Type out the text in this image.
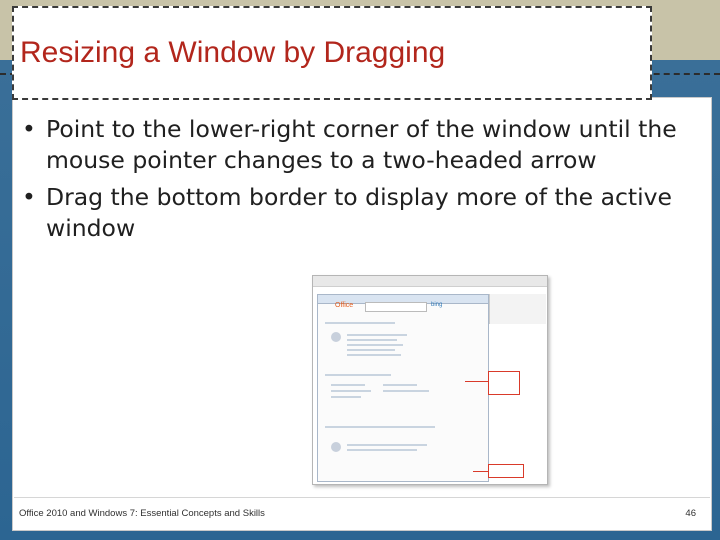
Resizing a Window by Dragging
• Point to the lower-right corner of the window until the mouse pointer changes to a two-headed arrow
• Drag the bottom border to display more of the active window
Office	bing
Office 2010 and Windows 7: Essential Concepts and Skills	46
